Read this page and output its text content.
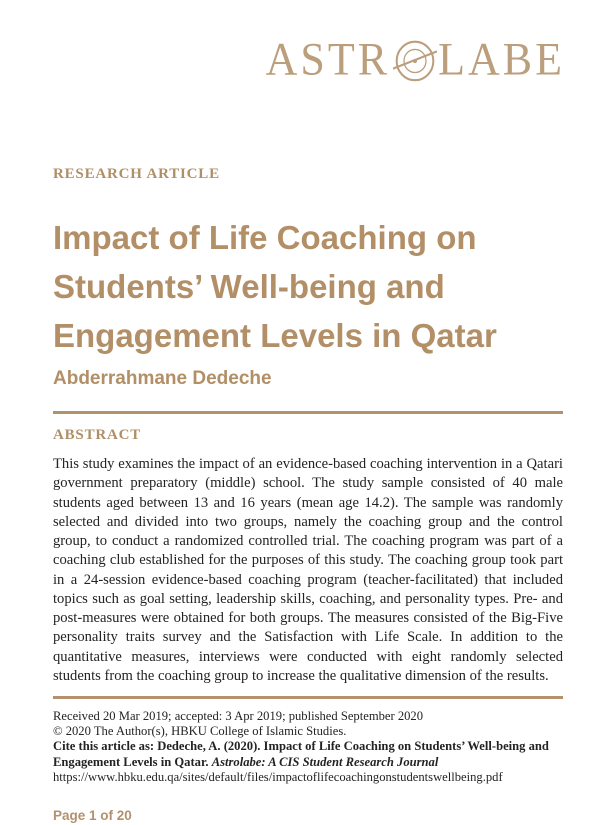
ASTR LABE
RESEARCH ARTICLE
Impact of Life Coaching on
Students’ Well-being and
Engagement Levels in Qatar
Abderrahmane Dedeche
ABSTRACT

This study examines the impact of an evidence-based coaching intervention in a Qatari government preparatory (middle) school. The study sample consisted of 40 male students aged between 13 and 16 years (mean age 14.2). The sample was randomly selected and divided into two groups, namely the coaching group and the control group, to conduct a randomized controlled trial. The coaching program was part of a coaching club established for the purposes of this study. The coaching group took part in a 24-session evidence-based coaching program (teacher-facilitated) that included topics such as goal setting, leadership skills, coaching, and personality types. Pre- and post-measures were obtained for both groups. The measures consisted of the Big-Five personality traits survey and the Satisfaction with Life Scale. In addition to the quantitative measures, interviews were conducted with eight randomly selected students from the coaching group to increase the qualitative dimension of the results.

Received 20 Mar 2019; accepted: 3 Apr 2019; published September 2020
© 2020 The Author(s), HBKU College of Islamic Studies.
Cite this article as: Dedeche, A. (2020). Impact of Life Coaching on Students’ Well-being and Engagement Levels in Qatar. Astrolabe: A CIS Student Research Journal
https://www.hbku.edu.qa/sites/default/files/impactoflifecoachingonstudentswellbeing.pdf
Page 1 of 20
